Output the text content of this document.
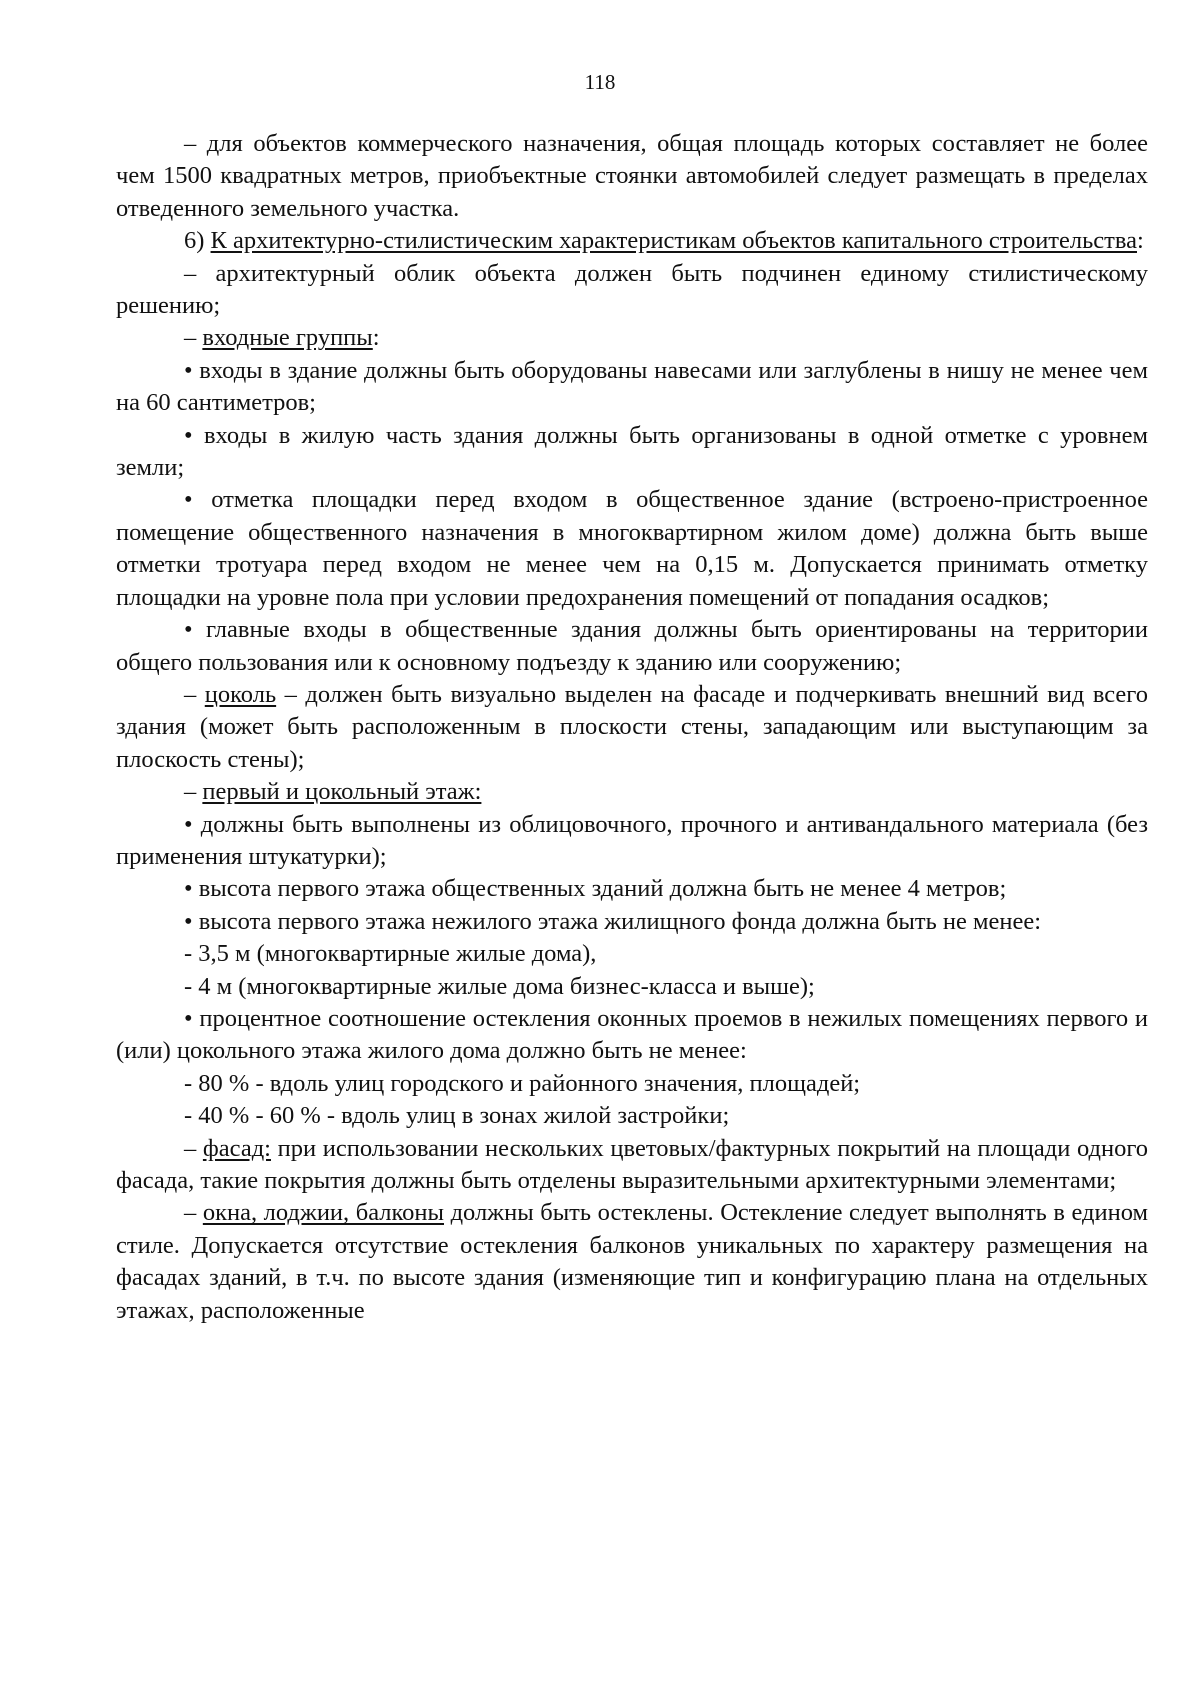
118

– для объектов коммерческого назначения, общая площадь которых составляет не более чем 1500 квадратных метров, приобъектные стоянки автомобилей следует размещать в пределах отведенного земельного участка.

6) К архитектурно-стилистическим характеристикам объектов капитального строительства:

– архитектурный облик объекта должен быть подчинен единому стилистическому решению;

– входные группы:

• входы в здание должны быть оборудованы навесами или заглублены в нишу не менее чем на 60 сантиметров;

• входы в жилую часть здания должны быть организованы в одной отметке с уровнем земли;

• отметка площадки перед входом в общественное здание (встроено-пристроенное помещение общественного назначения в многоквартирном жилом доме) должна быть выше отметки тротуара перед входом не менее чем на 0,15 м. Допускается принимать отметку площадки на уровне пола при условии предохранения помещений от попадания осадков;

• главные входы в общественные здания должны быть ориентированы на территории общего пользования или к основному подъезду к зданию или сооружению;

– цоколь – должен быть визуально выделен на фасаде и подчеркивать внешний вид всего здания (может быть расположенным в плоскости стены, западающим или выступающим за плоскость стены);

– первый и цокольный этаж:

• должны быть выполнены из облицовочного, прочного и антивандального материала (без применения штукатурки);

• высота первого этажа общественных зданий должна быть не менее 4 метров;

• высота первого этажа нежилого этажа жилищного фонда должна быть не менее:

- 3,5 м (многоквартирные жилые дома),

- 4 м (многоквартирные жилые дома бизнес-класса и выше);

• процентное соотношение остекления оконных проемов в нежилых помещениях первого и (или) цокольного этажа жилого дома должно быть не менее:

- 80 % - вдоль улиц городского и районного значения, площадей;

- 40 % - 60 % - вдоль улиц в зонах жилой застройки;

– фасад: при использовании нескольких цветовых/фактурных покрытий на площади одного фасада, такие покрытия должны быть отделены выразительными архитектурными элементами;

– окна, лоджии, балконы должны быть остеклены. Остекление следует выполнять в едином стиле. Допускается отсутствие остекления балконов уникальных по характеру размещения на фасадах зданий, в т.ч. по высоте здания (изменяющие тип и конфигурацию плана на отдельных этажах, расположенные
